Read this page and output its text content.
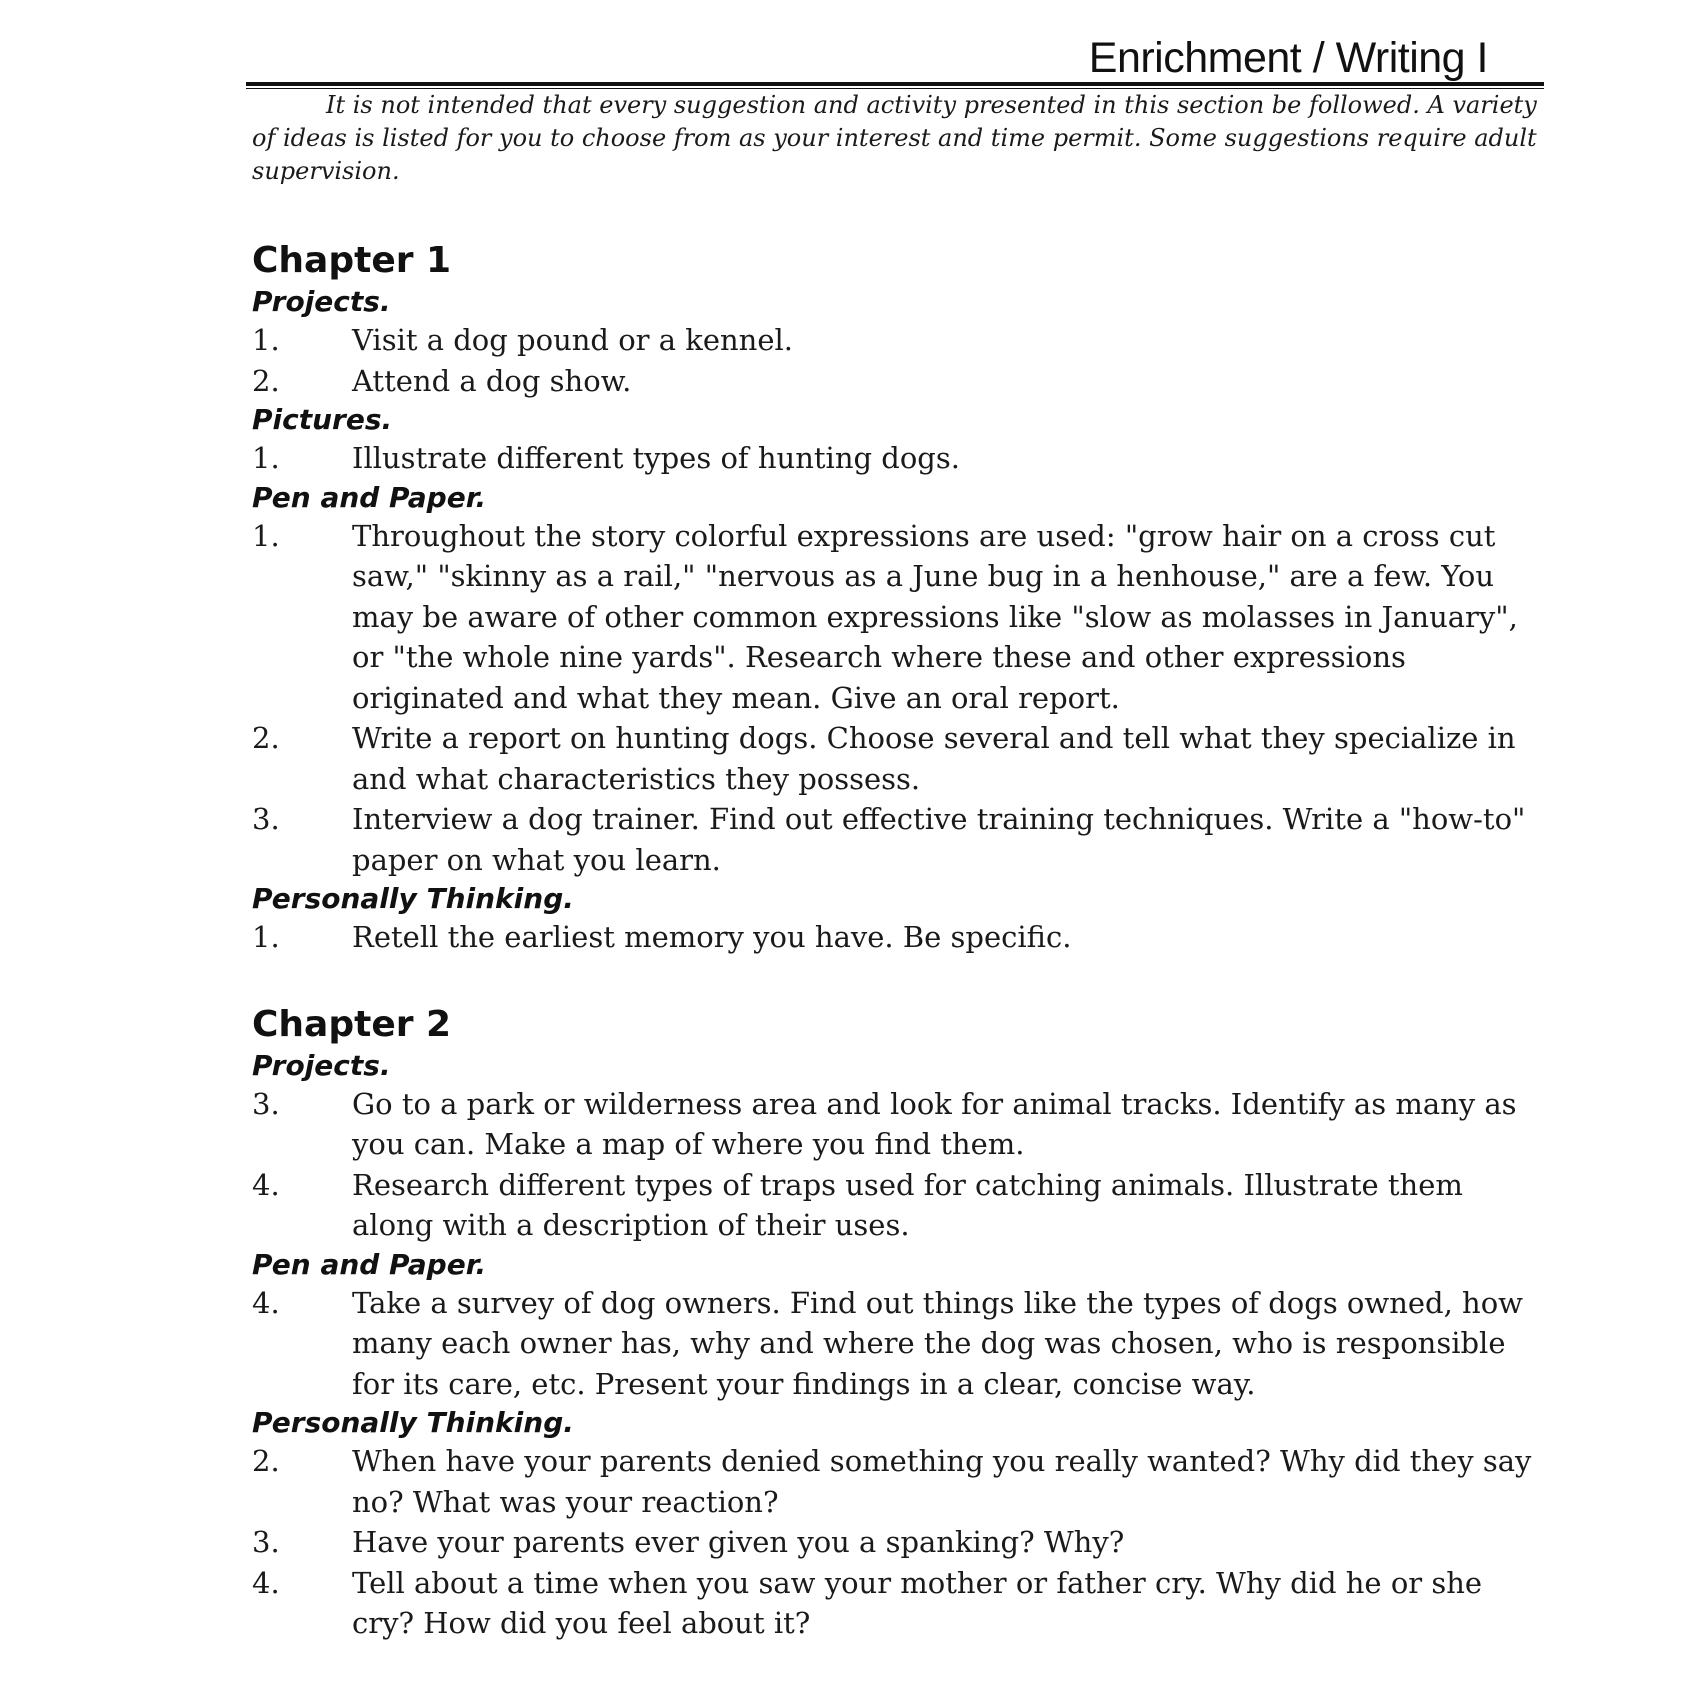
Enrichment / Writing I

It is not intended that every suggestion and activity presented in this section be followed. A variety of ideas is listed for you to choose from as your interest and time permit. Some suggestions require adult supervision.

Chapter 1
Projects.
1.	Visit a dog pound or a kennel.
2.	Attend a dog show.
Pictures.
1.	Illustrate different types of hunting dogs.
Pen and Paper.
1.	Throughout the story colorful expressions are used: "grow hair on a cross cut saw," "skinny as a rail," "nervous as a June bug in a henhouse," are a few. You may be aware of other common expressions like "slow as molasses in January", or "the whole nine yards". Research where these and other expressions originated and what they mean. Give an oral report.
2.	Write a report on hunting dogs. Choose several and tell what they specialize in and what characteristics they possess.
3.	Interview a dog trainer. Find out effective training techniques. Write a "how-to" paper on what you learn.
Personally Thinking.
1.	Retell the earliest memory you have. Be specific.
Chapter 2
Projects.
3.	Go to a park or wilderness area and look for animal tracks. Identify as many as you can. Make a map of where you find them.
4.	Research different types of traps used for catching animals. Illustrate them along with a description of their uses.
Pen and Paper.
4.	Take a survey of dog owners. Find out things like the types of dogs owned, how many each owner has, why and where the dog was chosen, who is responsible for its care, etc. Present your findings in a clear, concise way.
Personally Thinking.
2.	When have your parents denied something you really wanted? Why did they say no? What was your reaction?
3.	Have your parents ever given you a spanking? Why?
4.	Tell about a time when you saw your mother or father cry. Why did he or she cry? How did you feel about it?
